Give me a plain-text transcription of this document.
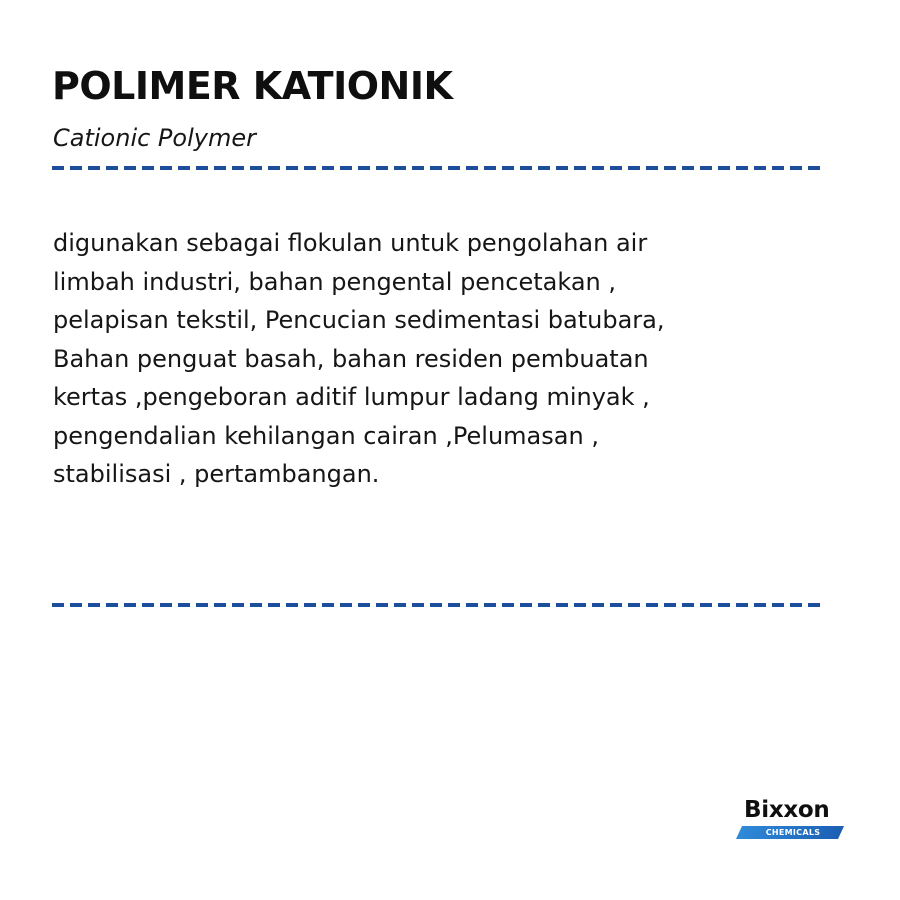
POLIMER KATIONIK

Cationic Polymer

digunakan sebagai flokulan untuk pengolahan air
limbah industri, bahan pengental pencetakan ,
pelapisan tekstil, Pencucian sedimentasi batubara,
Bahan penguat basah, bahan residen pembuatan
kertas ,pengeboran aditif lumpur ladang minyak ,
pengendalian kehilangan cairan ,Pelumasan ,
stabilisasi , pertambangan.

Bixxon
CHEMICALS
